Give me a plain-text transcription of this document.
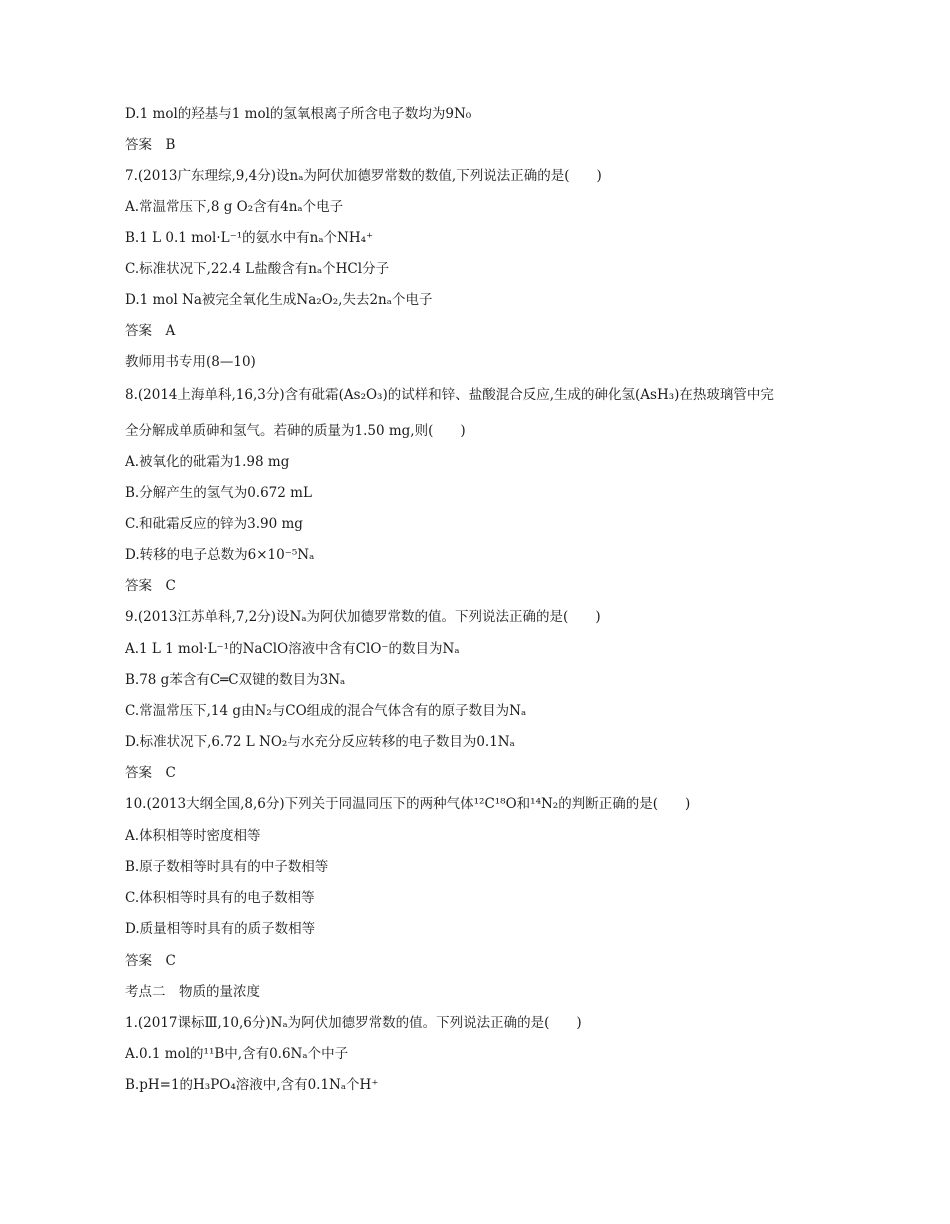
D.1 mol的羟基与1 mol的氢氧根离子所含电子数均为9N₀
答案　B
7.(2013广东理综,9,4分)设nₐ为阿伏加德罗常数的数值,下列说法正确的是(　　)
A.常温常压下,8 g O₂含有4nₐ个电子
B.1 L 0.1 mol·L⁻¹的氨水中有nₐ个NH₄⁺
C.标准状况下,22.4 L盐酸含有nₐ个HCl分子
D.1 mol Na被完全氧化生成Na₂O₂,失去2nₐ个电子
答案　A
教师用书专用(8—10)
8.(2014上海单科,16,3分)含有砒霜(As₂O₃)的试样和锌、盐酸混合反应,生成的砷化氢(AsH₃)在热玻璃管中完
全分解成单质砷和氢气。若砷的质量为1.50 mg,则(　　)
A.被氧化的砒霜为1.98 mg
B.分解产生的氢气为0.672 mL
C.和砒霜反应的锌为3.90 mg
D.转移的电子总数为6×10⁻⁵Nₐ
答案　C
9.(2013江苏单科,7,2分)设Nₐ为阿伏加德罗常数的值。下列说法正确的是(　　)
A.1 L 1 mol·L⁻¹的NaClO溶液中含有ClO⁻的数目为Nₐ
B.78 g苯含有C═C双键的数目为3Nₐ
C.常温常压下,14 g由N₂与CO组成的混合气体含有的原子数目为Nₐ
D.标准状况下,6.72 L NO₂与水充分反应转移的电子数目为0.1Nₐ
答案　C
10.(2013大纲全国,8,6分)下列关于同温同压下的两种气体¹²C¹⁸O和¹⁴N₂的判断正确的是(　　)
A.体积相等时密度相等
B.原子数相等时具有的中子数相等
C.体积相等时具有的电子数相等
D.质量相等时具有的质子数相等
答案　C
考点二　物质的量浓度
1.(2017课标Ⅲ,10,6分)Nₐ为阿伏加德罗常数的值。下列说法正确的是(　　)
A.0.1 mol的¹¹B中,含有0.6Nₐ个中子
B.pH=1的H₃PO₄溶液中,含有0.1Nₐ个H⁺
